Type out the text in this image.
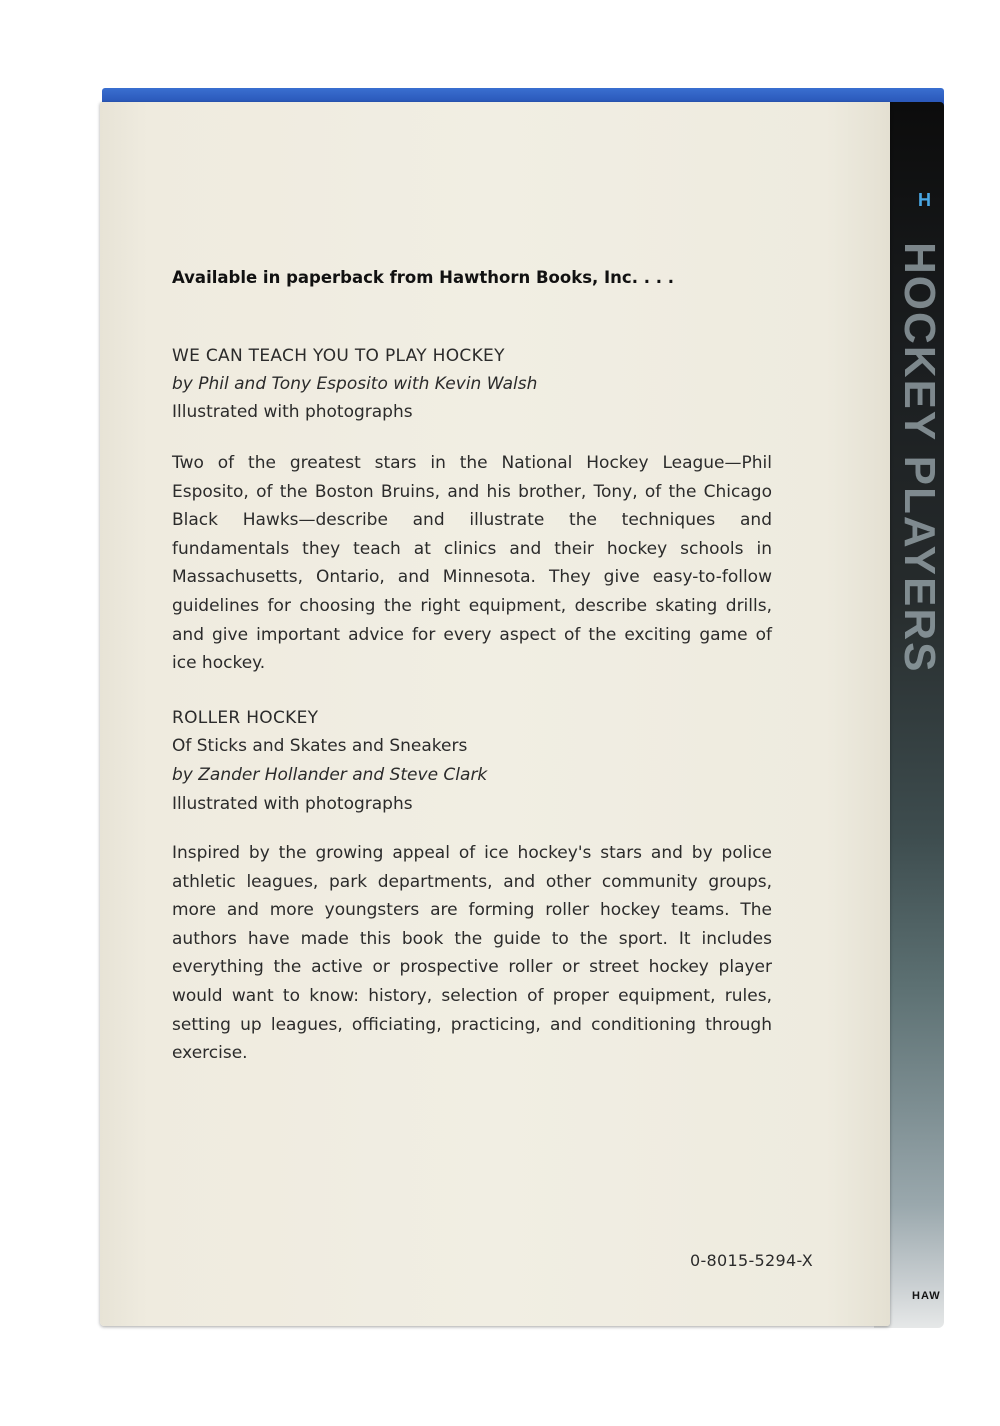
H
HOCKEY PLAYERS
HAW

Available in paperback from Hawthorn Books, Inc. . . .

WE CAN TEACH YOU TO PLAY HOCKEY

by Phil and Tony Esposito with Kevin Walsh

Illustrated with photographs

Two of the greatest stars in the National Hockey League—Phil Esposito, of the Boston Bruins, and his brother, Tony, of the Chicago Black Hawks—describe and illustrate the techniques and fundamentals they teach at clinics and their hockey schools in Massachusetts, Ontario, and Minnesota. They give easy-to-follow guidelines for choosing the right equipment, describe skating drills, and give important advice for every aspect of the exciting game of ice hockey.

ROLLER HOCKEY

Of Sticks and Skates and Sneakers

by Zander Hollander and Steve Clark

Illustrated with photographs

Inspired by the growing appeal of ice hockey's stars and by police athletic leagues, park departments, and other community groups, more and more youngsters are forming roller hockey teams. The authors have made this book the guide to the sport. It includes everything the active or prospective roller or street hockey player would want to know: history, selection of proper equipment, rules, setting up leagues, officiating, practicing, and conditioning through exercise.

0-8015-5294-X
